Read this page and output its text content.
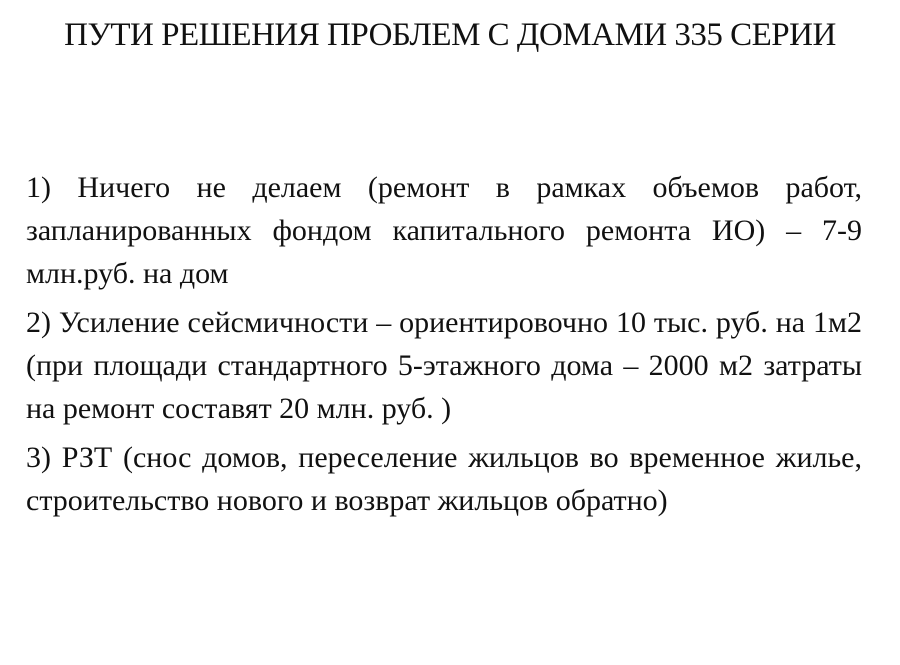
ПУТИ РЕШЕНИЯ ПРОБЛЕМ С ДОМАМИ 335 СЕРИИ

1) Ничего не делаем (ремонт в рамках объемов работ, запланированных фондом капитального ремонта ИО) – 7-9 млн.руб. на дом

2) Усиление сейсмичности – ориентировочно 10 тыс. руб. на 1м2 (при площади стандартного 5-этажного дома – 2000 м2 затраты на ремонт составят 20 млн. руб. )

3) РЗТ (снос домов, переселение жильцов во временное жилье, строительство нового и возврат жильцов обратно)
